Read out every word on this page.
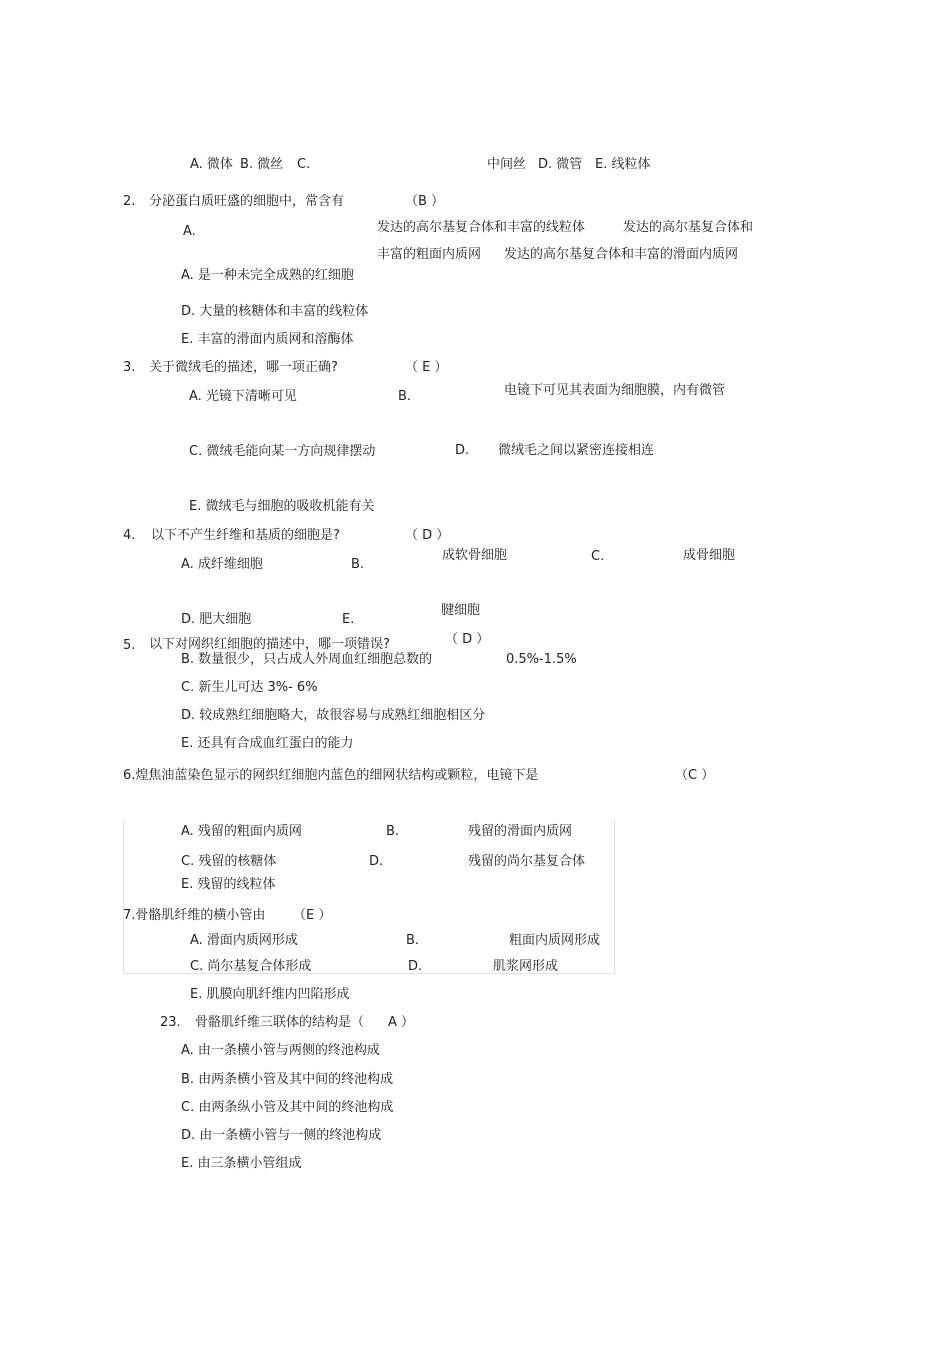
A. 微体 B. 微丝 C.	中间丝 D. 微管 E. 线粒体
2. 分泌蛋白质旺盛的细胞中，常含有	（B ）
A.	发达的高尔基复合体和丰富的线粒体	发达的高尔基复合体和
丰富的粗面内质网 发达的高尔基复合体和丰富的滑面内质网
A. 是一种未完全成熟的红细胞
D. 大量的核糖体和丰富的线粒体
E. 丰富的滑面内质网和溶酶体
3. 关于微绒毛的描述，哪一项正确?	（ E ）
A. 光镜下清晰可见	B.	电镜下可见其表面为细胞膜，内有微管
C. 微绒毛能向某一方向规律摆动	D. 微绒毛之间以紧密连接相连
E. 微绒毛与细胞的吸收机能有关
4. 以下不产生纤维和基质的细胞是?	（ D ）
A. 成纤维细胞	B.
成软骨细胞	C.	成骨细胞
D. 肥大细胞	E.
腱细胞
5. 以下对网织红细胞的描述中，哪一项错误?	（ D ）
B. 数量很少，只占成人外周血红细胞总数的	0.5%-1.5%
C. 新生儿可达 3%- 6%
D. 较成熟红细胞略大，故很容易与成熟红细胞相区分
E. 还具有合成血红蛋白的能力
6.煌焦油蓝染色显示的网织红细胞内蓝色的细网状结构或颗粒，电镜下是	（C ）
A. 残留的粗面内质网	B.	残留的滑面内质网
C. 残留的核糖体	D.	残留的尚尔基复合体
E. 残留的线粒体
7.骨骼肌纤维的横小管由 （E ）
A. 滑面内质网形成	B.	粗面内质网形成
C. 尚尔基复合体形成	D.	肌浆网形成
E. 肌膜向肌纤维内凹陷形成
23. 骨骼肌纤维三联体的结构是（ A ）
A. 由一条横小管与两侧的终池构成
B. 由两条横小管及其中间的终池构成
C. 由两条纵小管及其中间的终池构成
D. 由一条横小管与一侧的终池构成
E. 由三条横小管组成
